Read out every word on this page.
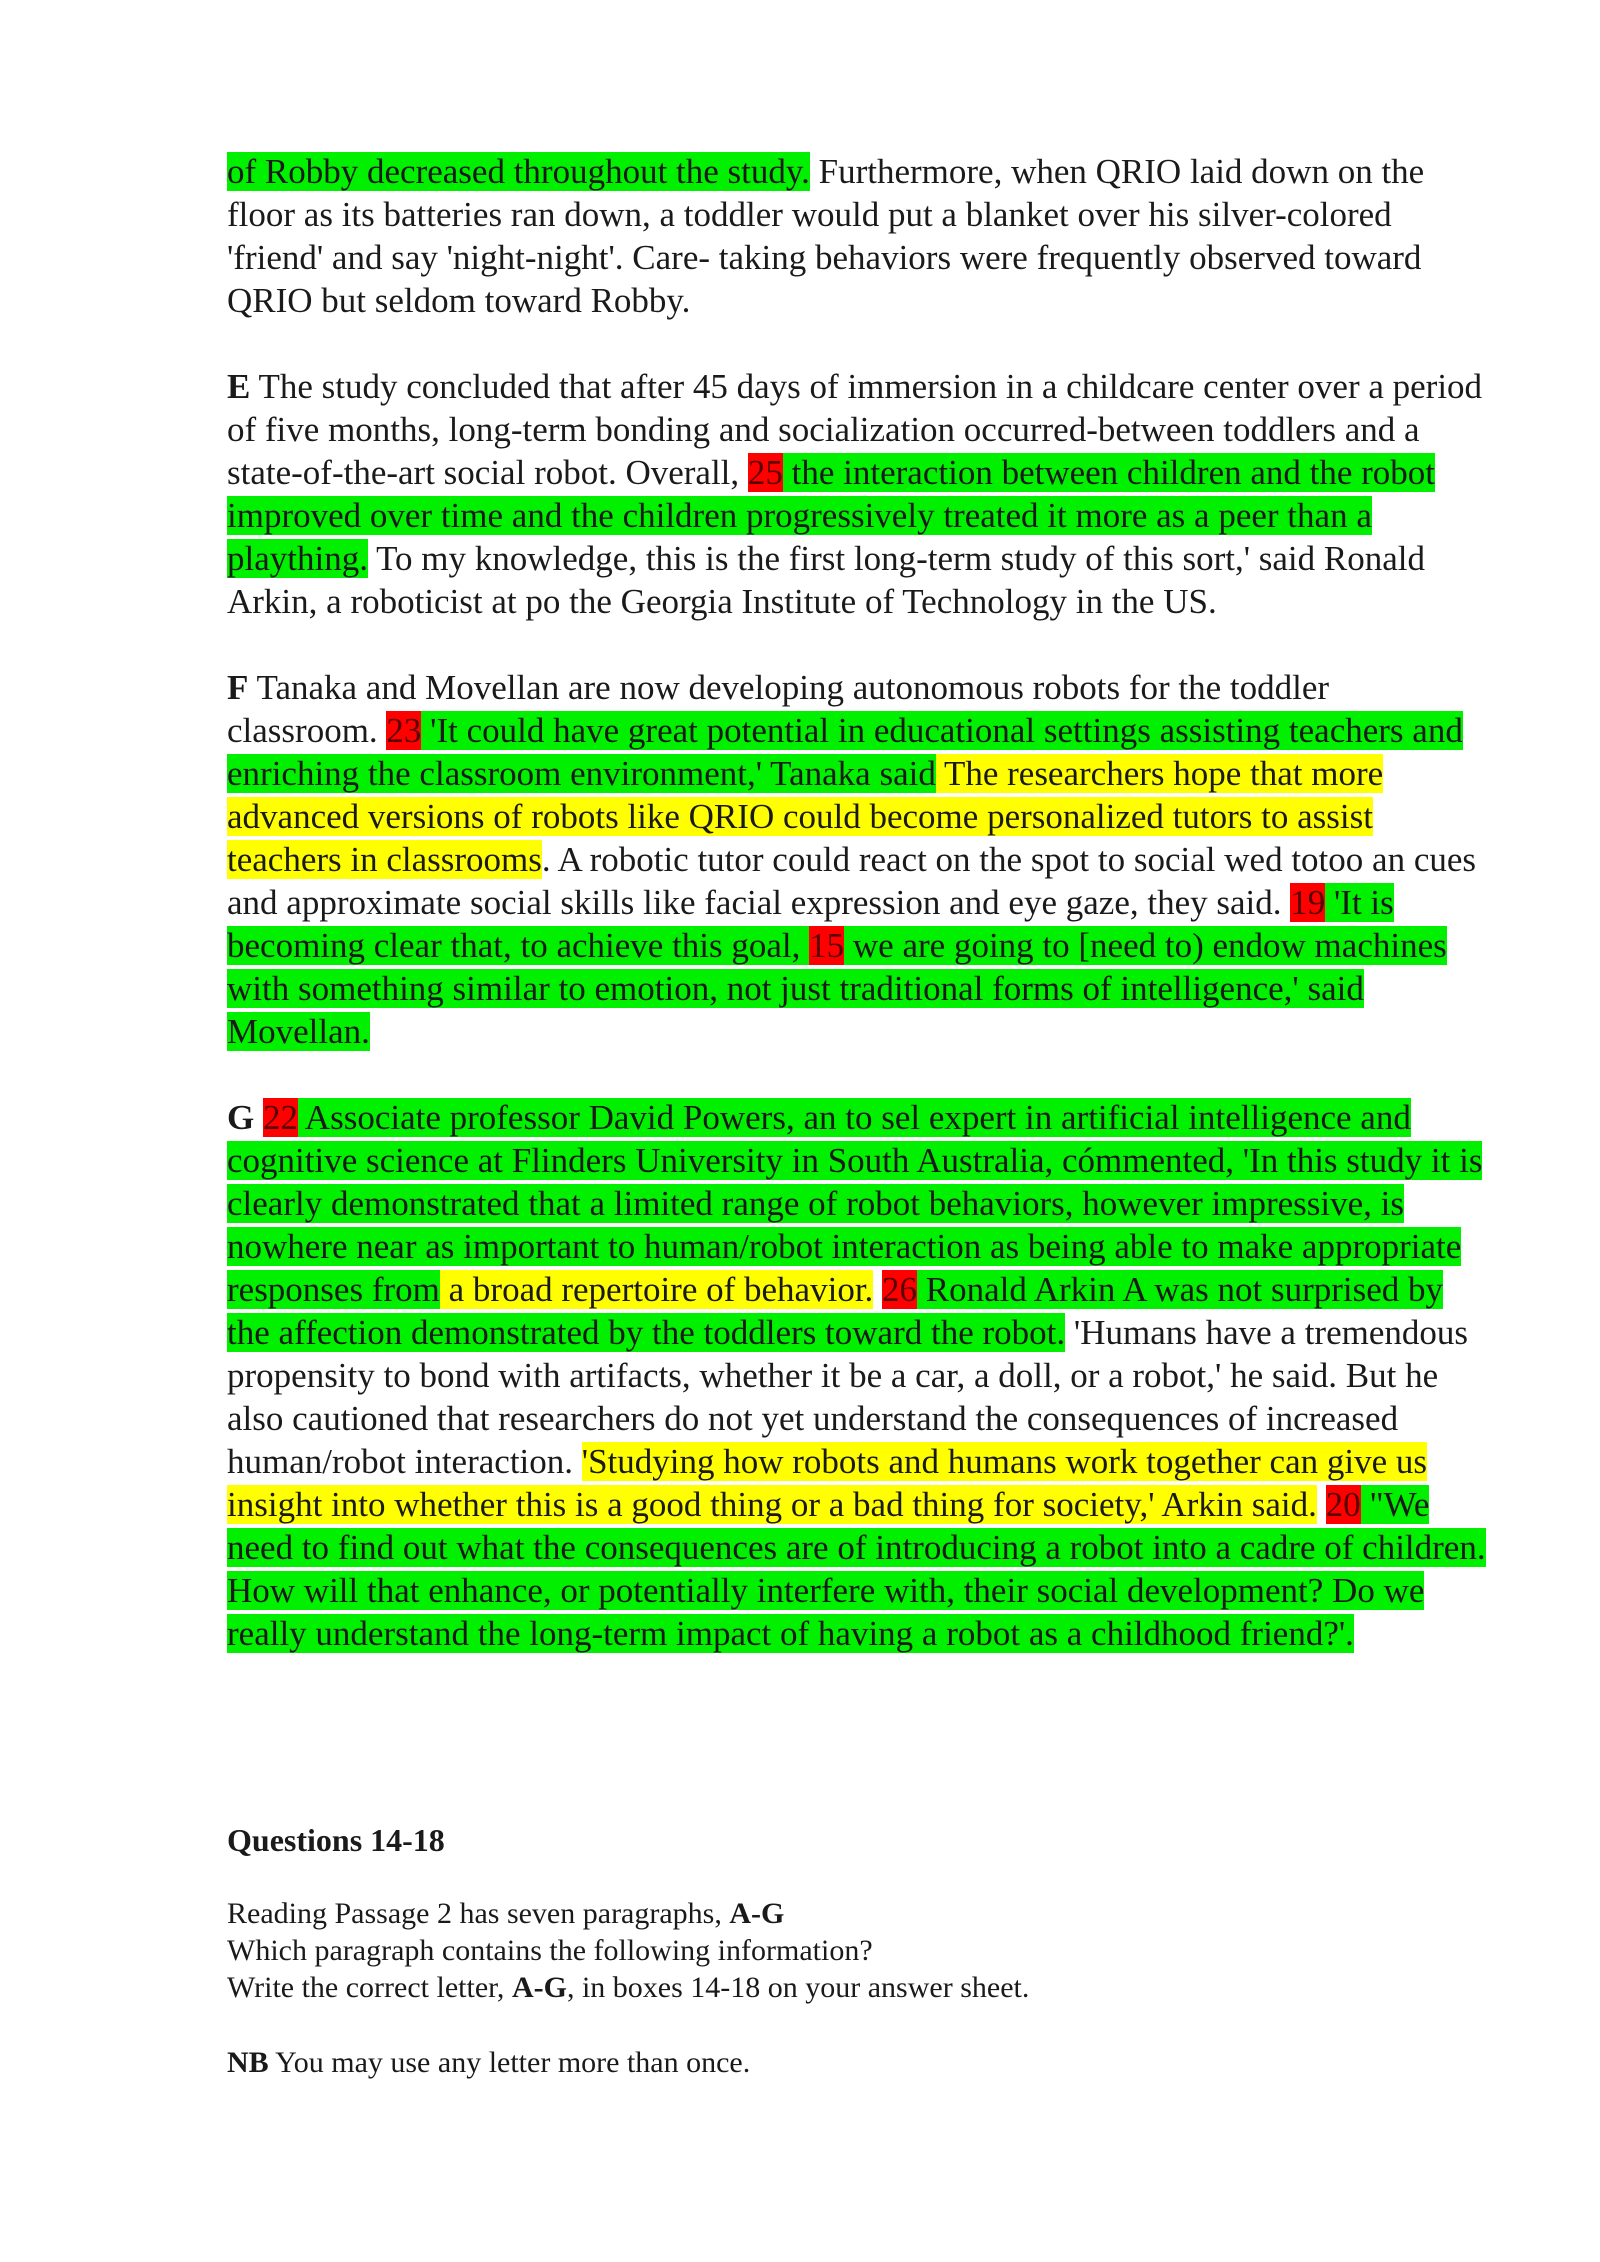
of Robby decreased throughout the study. Furthermore, when QRIO laid down on the floor as its batteries ran down, a toddler would put a blanket over his silver-colored 'friend' and say 'night-night'. Care- taking behaviors were frequently observed toward QRIO but seldom toward Robby.

E The study concluded that after 45 days of immersion in a childcare center over a period of five months, long-term bonding and socialization occurred-between toddlers and a state-of-the-art social robot. Overall, 25 the interaction between children and the robot improved over time and the children progressively treated it more as a peer than a plaything. To my knowledge, this is the first long-term study of this sort,' said Ronald Arkin, a roboticist at po the Georgia Institute of Technology in the US.

F Tanaka and Movellan are now developing autonomous robots for the toddler classroom. 23 'It could have great potential in educational settings assisting teachers and enriching the classroom environment,' Tanaka said The researchers hope that more advanced versions of robots like QRIO could become personalized tutors to assist teachers in classrooms. A robotic tutor could react on the spot to social wed totoo an cues and approximate social skills like facial expression and eye gaze, they said. 19 'It is becoming clear that, to achieve this goal, 15 we are going to [need to) endow machines with something similar to emotion, not just traditional forms of intelligence,' said Movellan.

G 22 Associate professor David Powers, an to sel expert in artificial intelligence and cognitive science at Flinders University in South Australia, cómmented, 'In this study it is clearly demonstrated that a limited range of robot behaviors, however impressive, is nowhere near as important to human/robot interaction as being able to make appropriate responses from a broad repertoire of behavior. 26 Ronald Arkin A was not surprised by the affection demonstrated by the toddlers toward the robot. 'Humans have a tremendous propensity to bond with artifacts, whether it be a car, a doll, or a robot,' he said. But he also cautioned that researchers do not yet understand the consequences of increased human/robot interaction. 'Studying how robots and humans work together can give us insight into whether this is a good thing or a bad thing for society,' Arkin said. 20 "We need to find out what the consequences are of introducing a robot into a cadre of children. How will that enhance, or potentially interfere with, their social development? Do we really understand the long-term impact of having a robot as a childhood friend?'.

Questions 14-18
Reading Passage 2 has seven paragraphs, A-G
Which paragraph contains the following information?
Write the correct letter, A-G, in boxes 14-18 on your answer sheet.
NB You may use any letter more than once.
